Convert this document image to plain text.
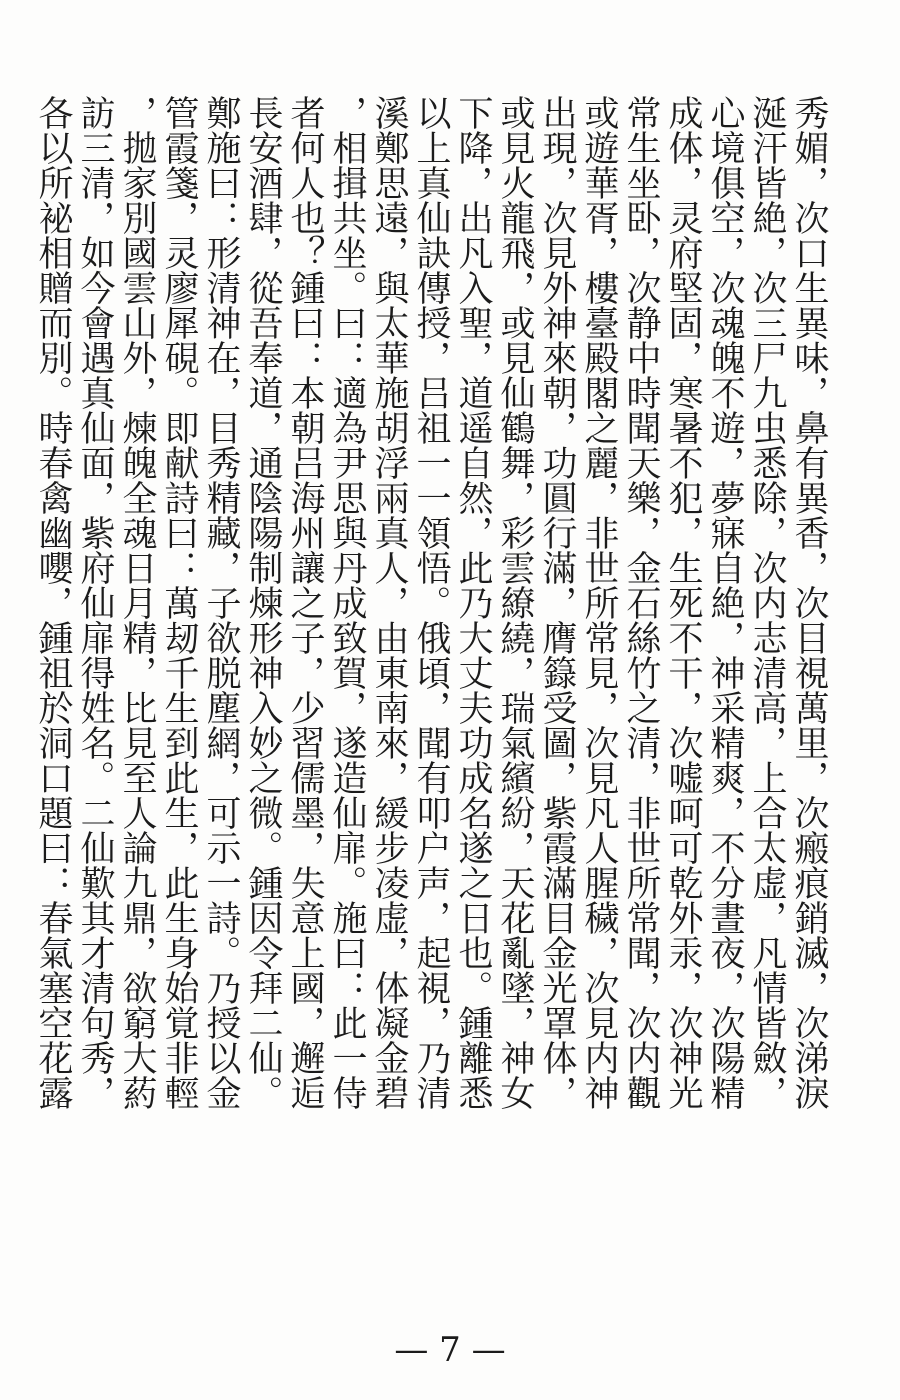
秀媚，次口生異味，鼻有異香，次目視萬里，次瘢痕銷滅，次涕淚
涎汗皆絶，次三尸九虫悉除，次内志清高，上合太虚，凡情皆斂，
心境俱空，次魂魄不遊，夢寐自絶，神采精爽，不分晝夜，次陽精
成体，灵府堅固，寒暑不犯，生死不干，次嘘呵可乾外汞，次神光
常生坐卧，次静中時聞天樂，金石絲竹之清，非世所常聞，次内觀
或遊華胥，樓臺殿閣之麗，非世所常見，次見凡人腥穢，次見内神
出現，次見外神來朝，功圓行滿，膺籙受圖，紫霞滿目金光罩体，
或見火龍飛，或見仙鶴舞，彩雲繚繞，瑞氣繽紛，天花亂墜，神女
下降，出凡入聖，道遥自然，此乃大丈夫功成名遂之日也。鍾離悉
以上真仙訣傳授，吕祖一一領悟。俄頃，聞有叩户声，起視，乃清
溪鄭思遠，與太華施胡浮兩真人，由東南來，緩步凌虚，体凝金碧
，相揖共坐。曰：適為尹思與丹成致賀，遂造仙扉。施曰：此一侍
者何人也？鍾曰：本朝吕海州讓之子，少習儒墨，失意上國，邂逅
長安酒肆，從吾奉道，通陰陽制煉形神入妙之微。鍾因令拜二仙。
鄭施曰：形清神在，目秀精藏，子欲脱塵網，可示一詩。乃授以金
管霞箋，灵廖犀硯。即献詩曰：萬刼千生到此生，此生身始覚非輕
，拋家別國雲山外，煉魄全魂日月精，比見至人論九鼎，欲窮大葯
訪三清，如今會遇真仙面，紫府仙扉得姓名。二仙歎其才清句秀，
各以所袐相贈而別。時春禽幽嚶，鍾祖於洞口題曰：春氣塞空花露
— 7 —
